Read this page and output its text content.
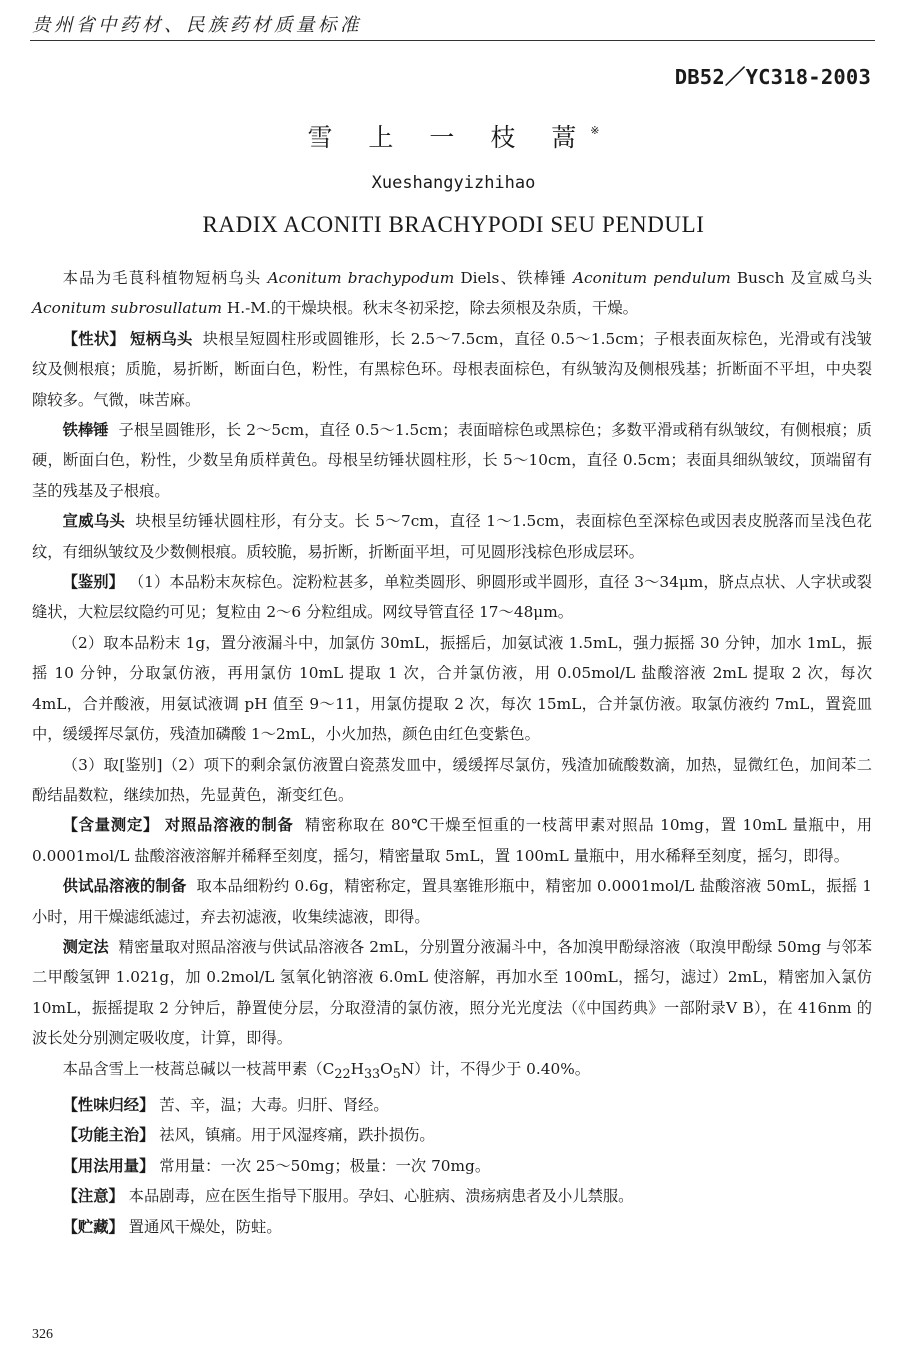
贵州省中药材、民族药材质量标准
DB52／YC318-2003
雪 上 一 枝 蒿※
Xueshangyizhihao
RADIX ACONITI BRACHYPODI SEU PENDULI

本品为毛茛科植物短柄乌头 Aconitum brachypodum Diels、铁棒锤 Aconitum pendulum Busch 及宣威乌头 Aconitum subrosullatum H.-M.的干燥块根。秋末冬初采挖，除去须根及杂质，干燥。

【性状】 短柄乌头 块根呈短圆柱形或圆锥形，长 2.5～7.5cm，直径 0.5～1.5cm；子根表面灰棕色，光滑或有浅皱纹及侧根痕；质脆，易折断，断面白色，粉性，有黑棕色环。母根表面棕色，有纵皱沟及侧根残基；折断面不平坦，中央裂隙较多。气微，味苦麻。

铁棒锤 子根呈圆锥形，长 2～5cm，直径 0.5～1.5cm；表面暗棕色或黑棕色；多数平滑或稍有纵皱纹，有侧根痕；质硬，断面白色，粉性，少数呈角质样黄色。母根呈纺锤状圆柱形，长 5～10cm，直径 0.5cm；表面具细纵皱纹，顶端留有茎的残基及子根痕。

宣威乌头 块根呈纺锤状圆柱形，有分支。长 5～7cm，直径 1～1.5cm，表面棕色至深棕色或因表皮脱落而呈浅色花纹，有细纵皱纹及少数侧根痕。质较脆，易折断，折断面平坦，可见圆形浅棕色形成层环。

【鉴别】 （1）本品粉末灰棕色。淀粉粒甚多，单粒类圆形、卵圆形或半圆形，直径 3～34μm，脐点点状、人字状或裂缝状，大粒层纹隐约可见；复粒由 2～6 分粒组成。网纹导管直径 17～48μm。

（2）取本品粉末 1g，置分液漏斗中，加氯仿 30mL，振摇后，加氨试液 1.5mL，强力振摇 30 分钟，加水 1mL，振摇 10 分钟，分取氯仿液，再用氯仿 10mL 提取 1 次，合并氯仿液，用 0.05mol/L 盐酸溶液 2mL 提取 2 次，每次 4mL，合并酸液，用氨试液调 pH 值至 9～11，用氯仿提取 2 次，每次 15mL，合并氯仿液。取氯仿液约 7mL，置瓷皿中，缓缓挥尽氯仿，残渣加磷酸 1～2mL，小火加热，颜色由红色变紫色。

（3）取[鉴别]（2）项下的剩余氯仿液置白瓷蒸发皿中，缓缓挥尽氯仿，残渣加硫酸数滴，加热，显微红色，加间苯二酚结晶数粒，继续加热，先显黄色，渐变红色。

【含量测定】 对照品溶液的制备 精密称取在 80℃干燥至恒重的一枝蒿甲素对照品 10mg，置 10mL 量瓶中，用 0.0001mol/L 盐酸溶液溶解并稀释至刻度，摇匀，精密量取 5mL，置 100mL 量瓶中，用水稀释至刻度，摇匀，即得。

供试品溶液的制备 取本品细粉约 0.6g，精密称定，置具塞锥形瓶中，精密加 0.0001mol/L 盐酸溶液 50mL，振摇 1 小时，用干燥滤纸滤过，弃去初滤液，收集续滤液，即得。

测定法 精密量取对照品溶液与供试品溶液各 2mL，分别置分液漏斗中，各加溴甲酚绿溶液（取溴甲酚绿 50mg 与邻苯二甲酸氢钾 1.021g，加 0.2mol/L 氢氧化钠溶液 6.0mL 使溶解，再加水至 100mL，摇匀，滤过）2mL，精密加入氯仿 10mL，振摇提取 2 分钟后，静置使分层，分取澄清的氯仿液，照分光光度法（《中国药典》一部附录Ⅴ B），在 416nm 的波长处分别测定吸收度，计算，即得。

本品含雪上一枝蒿总碱以一枝蒿甲素$(C_{22}H_{33}O_5N)$计，不得少于 0.40%。

【性味归经】 苦、辛，温；大毒。归肝、肾经。

【功能主治】 祛风，镇痛。用于风湿疼痛，跌扑损伤。

【用法用量】 常用量：一次 25～50mg；极量：一次 70mg。

【注意】 本品剧毒，应在医生指导下服用。孕妇、心脏病、溃疡病患者及小儿禁服。

【贮藏】 置通风干燥处，防蛀。

326
